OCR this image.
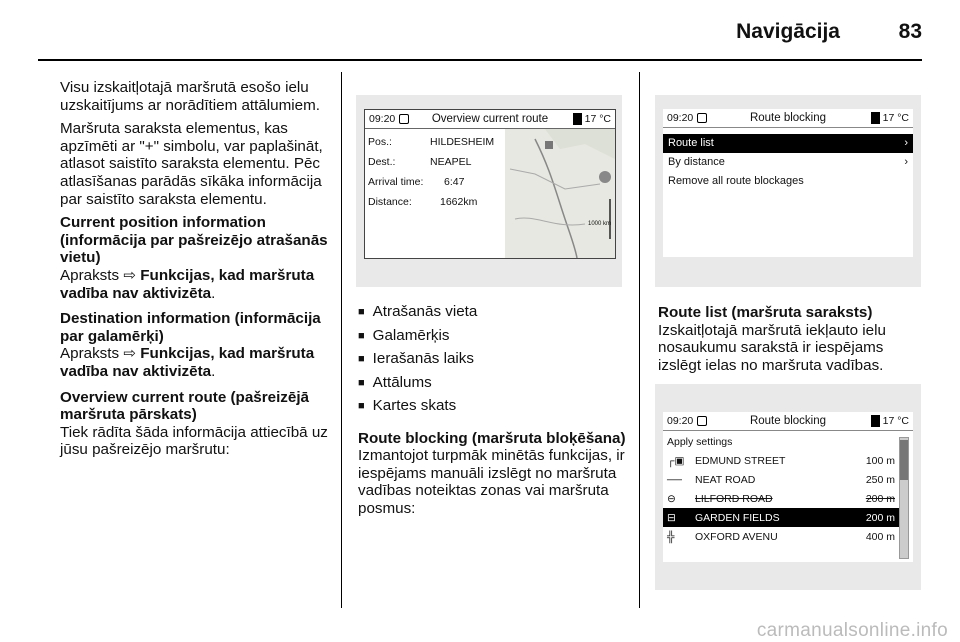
Navigācija	83

Visu izskaitļotajā maršrutā esošo ielu uzskaitījums ar norādītiem attālumiem.

Maršruta saraksta elementus, kas apzīmēti ar "+" simbolu, var paplašināt, atlasot saistīto saraksta elementu. Pēc atlasīšanas parādās sīkāka informācija par saistīto saraksta elementu.

Current position information (informācija par pašreizējo atrašanās vietu)
Apraksts ⇨ Funkcijas, kad maršruta vadība nav aktivizēta.
Destination information (informācija par galamērķi)
Apraksts ⇨ Funkcijas, kad maršruta vadība nav aktivizēta.
Overview current route (pašreizējā maršruta pārskats)
Tiek rādīta šāda informācija attiecībā uz jūsu pašreizējo maršrutu:
09:20	Overview current route	17 °C
Pos.:	HILDESHEIM
Dest.:	NEAPEL
Arrival time:	6:47
Distance:	1662km
1000 km
■ Atrašanās vieta
■ Galamērķis
■ Ierašanās laiks
■ Attālums
■ Kartes skats
Route blocking (maršruta bloķēšana)
Izmantojot turpmāk minētās funkcijas, ir iespējams manuāli izslēgt no maršruta vadības noteiktas zonas vai maršruta posmus:
09:20	Route blocking	17 °C
Route list	›
By distance	›
Remove all route blockages
Route list (maršruta saraksts)
Izskaitļotajā maršrutā iekļauto ielu nosaukumu sarakstā ir iespējams izslēgt ielas no maršruta vadības.
09:20	Route blocking	17 °C
Apply settings
┌▣	EDMUND STREET	100 m
──	NEAT ROAD	250 m
⊖	LILFORD ROAD	200 m
⊟	GARDEN FIELDS	200 m
╬	OXFORD AVENU	400 m
carmanualsonline.info
